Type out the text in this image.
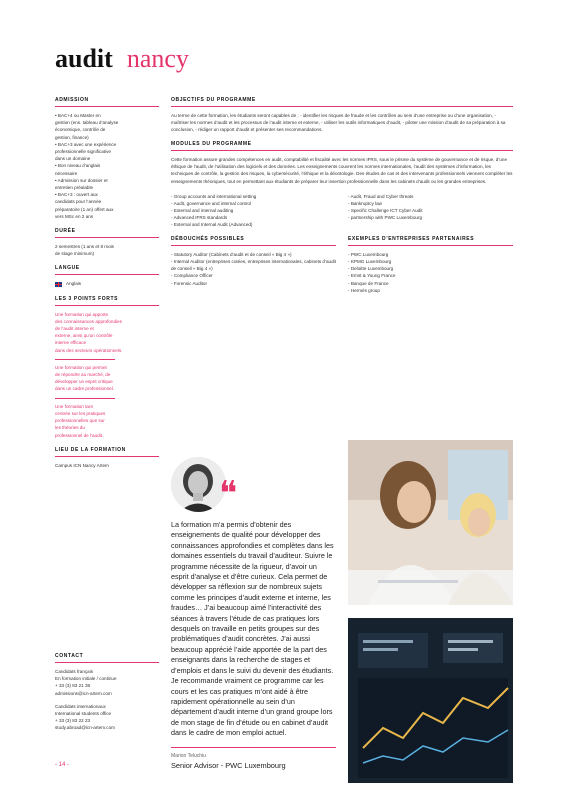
audit nancy
ADMISSION
• BAC+4 ou Master en
gestion (ens. tableau d’analyse
économique, contrôle de
gestion, finance)
• BAC+3 avec une expérience
professionnelle significative
dans un domaine
• Bon niveau d’anglais
nécessaire
• Admission sur dossier et
entretien préalable
• BAC+3 : ouvert aux
candidats pour l’année
préparatoire (1 an) offert aux
vers MSc en 2 ans
DURÉE
2 semestres (1 ans et 8 mois
de stage minimum)
LANGUE
Anglais
LES 3 POINTS FORTS
Une formation qui apporte
des connaissances approfondies
de l’audit interne et
externe, ainsi qu’un contrôle
interne efficace
dans des secteurs opérationnels.
Une formation qui permet
de répondre au marché, de
développer un esprit critique
dans un cadre professionnel.
Une formation tant
centrée sur les pratiques
professionnelles que sur
les théories du
professionnel de l’audit.
LIEU DE LA FORMATION
Campus ICN Nancy Artem
CONTACT
Candidats français
En formation initiale / continue
+ 33 (3) 83 21 38
admissions@icn-artem.com
Candidats internationaux
International students office
+ 33 (3) 83 22 23
study.abroad@icn-artem.com
OBJECTIFS DU PROGRAMME

Au terme de cette formation, les étudiants seront capables de : - identifier les risques de fraude et les contrôles au sein d’une entreprise ou d’une organisation, - maîtriser les normes d’audit et les processus de l’audit interne et externe, - utiliser les outils informatiques d’audit, - piloter une mission d’audit de sa préparation à sa conclusion, - rédiger un rapport d’audit et présenter ses recommandations.

MODULES DU PROGRAMME

Cette formation assure grandes compétences en audit, comptabilité et fiscalité avec les normes IFRS, sous le prisme du système de gouvernance et de risque, d’une éthique de l’audit, de l’utilisation des logiciels et des données. Les enseignements couvrent les normes internationales, l’audit des systèmes d’information, les techniques de contrôle, la gestion des risques, la cybersécurité, l’éthique et la déontologie. Des études de cas et des intervenants professionnels viennent compléter les enseignements théoriques, tout en permettant aux étudiants de préparer leur insertion professionnelle dans les cabinets d’audit ou les grandes entreprises.

- Group accounts and international setting
- Audit, governance and internal control
- External and internal auditing
- Advanced IFRS standards
- External and Internal Audit (Advanced)
- Audit, Fraud and Cyber threats
- Bankruptcy law
- Specific Challenge ICT Cyber Audit
- partnership with PWC Luxembourg
DÉBOUCHÉS POSSIBLES
- Statutory Auditor (Cabinets d’audit et de conseil « Big 4 »)
- Internal Auditor (entreprises cotées, entreprises internationales, cabinets d’audit de conseil « Big 4 »)
- Compliance Officer
- Forensic Auditor
EXEMPLES D’ENTREPRISES PARTENAIRES
- PWC Luxembourg
- KPMG Luxembourg
- Deloitte Luxembourg
- Ernst & Young France
- Banque de France
- Hermès group
❝

La formation m’a permis d’obtenir des enseignements de qualité pour développer des connaissances approfondies et complètes dans les domaines essentiels du travail d’auditeur. Suivre le programme nécessite de la rigueur, d’avoir un esprit d’analyse et d’être curieux. Cela permet de développer sa réflexion sur de nombreux sujets comme les principes d’audit externe et interne, les fraudes… J’ai beaucoup aimé l’interactivité des séances à travers l’étude de cas pratiques lors desquels on travaille en petits groupes sur des problématiques d’audit concrètes. J’ai aussi beaucoup apprécié l’aide apportée de la part des enseignants dans la recherche de stages et d’emplois et dans le suivi du devenir des étudiants. Je recommande vraiment ce programme car les cours et les cas pratiques m’ont aidé à être rapidement opérationnelle au sein d’un département d’audit interne d’un grand groupe lors de mon stage de fin d’étude ou en cabinet d’audit dans le cadre de mon emploi actuel.

Marion Teluchiu
Senior Advisor - PWC Luxembourg
- 14 -
